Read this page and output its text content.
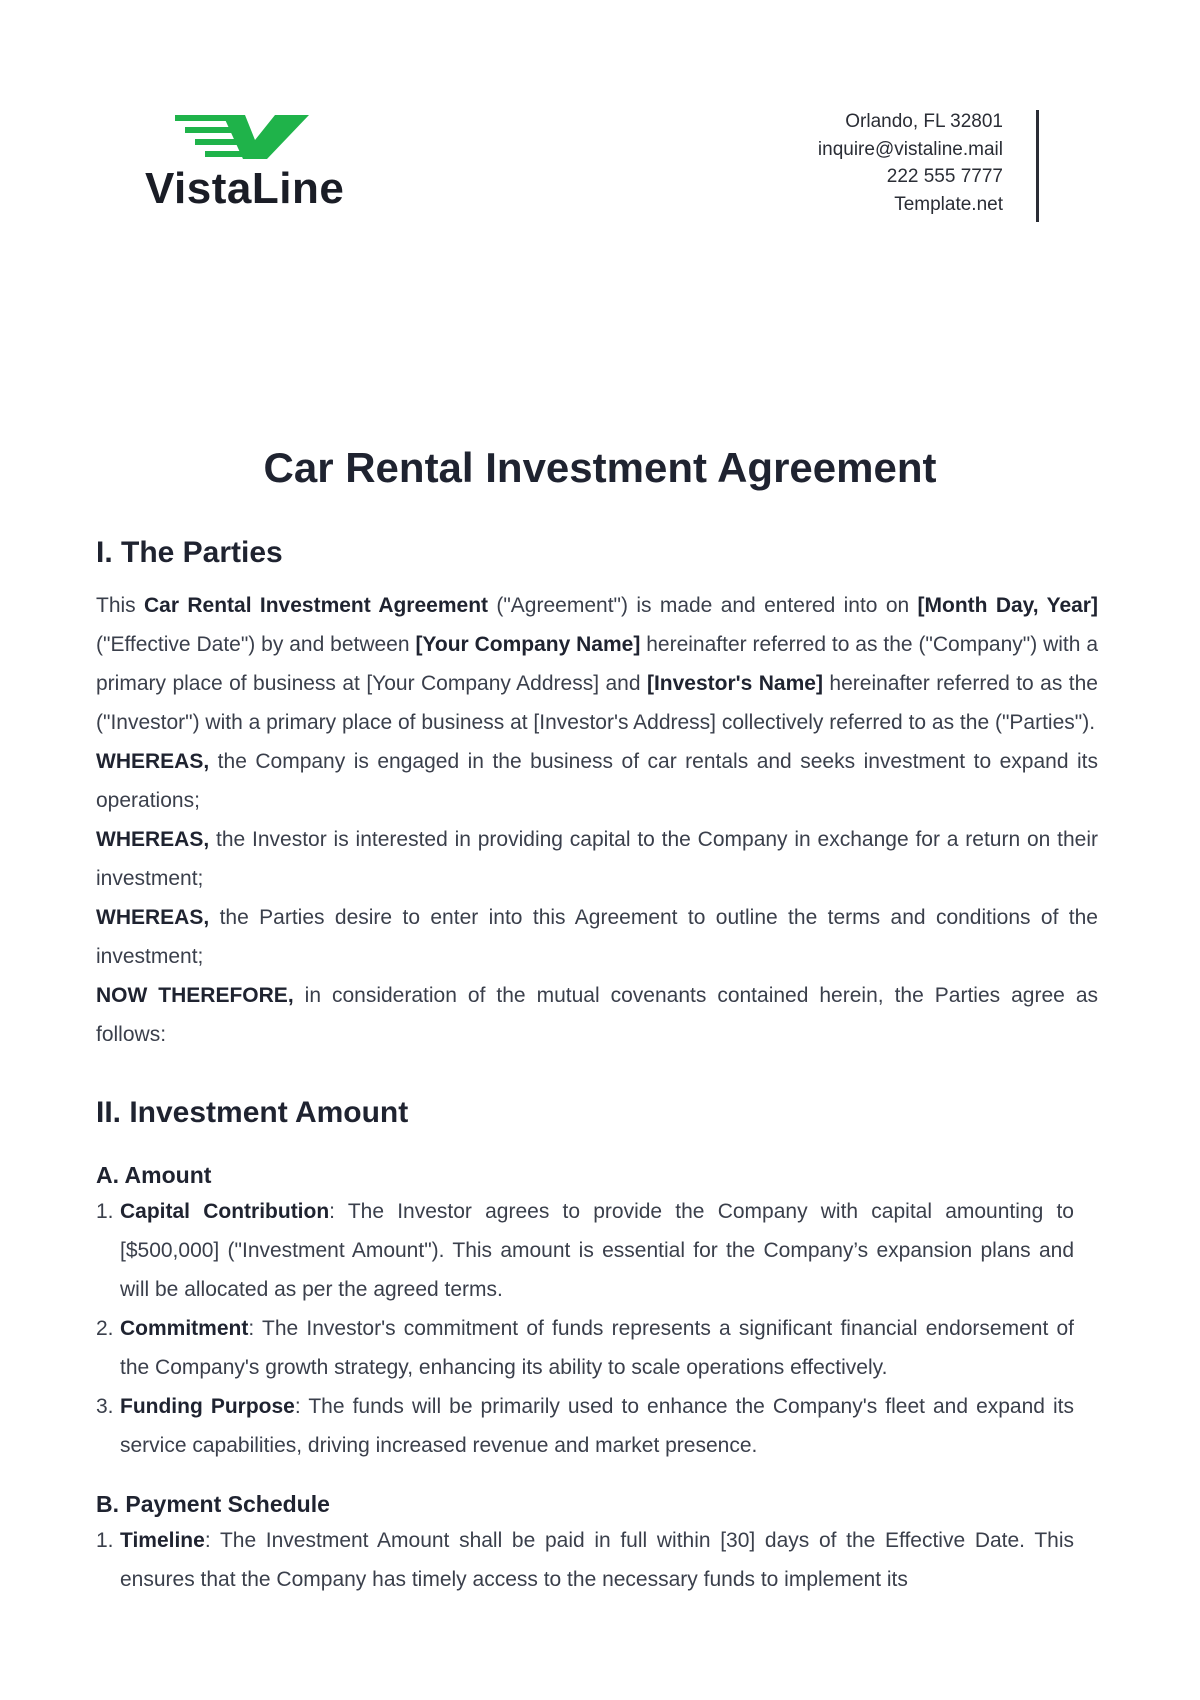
VistaLine
Orlando, FL 32801
inquire@vistaline.mail
222 555 7777
Template.net
Car Rental Investment Agreement
I. The Parties

This Car Rental Investment Agreement ("Agreement") is made and entered into on [Month Day, Year] ("Effective Date") by and between [Your Company Name] hereinafter referred to as the ("Company") with a primary place of business at [Your Company Address] and [Investor's Name] hereinafter referred to as the ("Investor") with a primary place of business at [Investor's Address] collectively referred to as the ("Parties").

WHEREAS, the Company is engaged in the business of car rentals and seeks investment to expand its operations;

WHEREAS, the Investor is interested in providing capital to the Company in exchange for a return on their investment;

WHEREAS, the Parties desire to enter into this Agreement to outline the terms and conditions of the investment;

NOW THEREFORE, in consideration of the mutual covenants contained herein, the Parties agree as follows:

II. Investment Amount
A. Amount
1. Capital Contribution: The Investor agrees to provide the Company with capital amounting to [$500,000] ("Investment Amount"). This amount is essential for the Company’s expansion plans and will be allocated as per the agreed terms.
2. Commitment: The Investor's commitment of funds represents a significant financial endorsement of the Company's growth strategy, enhancing its ability to scale operations effectively.
3. Funding Purpose: The funds will be primarily used to enhance the Company's fleet and expand its service capabilities, driving increased revenue and market presence.
B. Payment Schedule
1. Timeline: The Investment Amount shall be paid in full within [30] days of the Effective Date. This ensures that the Company has timely access to the necessary funds to implement its
